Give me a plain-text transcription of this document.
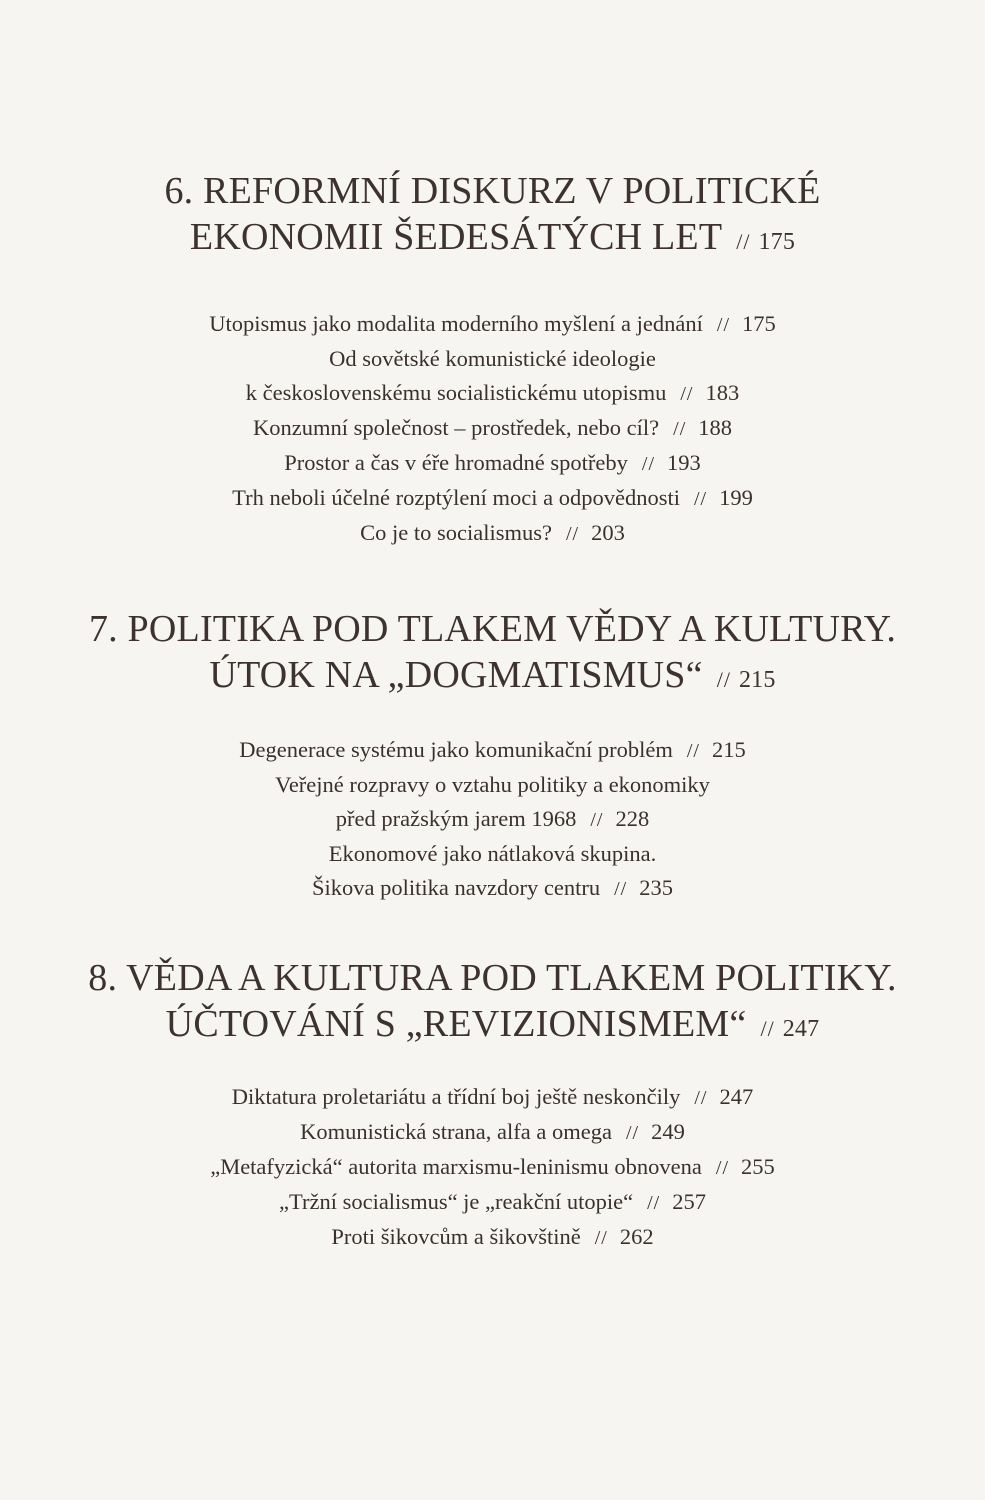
6. REFORMNÍ DISKURZ V POLITICKÉ
EKONOMII ŠEDESÁTÝCH LET // 175
Utopismus jako modalita moderního myšlení a jednání // 175
Od sovětské komunistické ideologie
k československému socialistickému utopismu // 183
Konzumní společnost – prostředek, nebo cíl? // 188
Prostor a čas v éře hromadné spotřeby // 193
Trh neboli účelné rozptýlení moci a odpovědnosti // 199
Co je to socialismus? // 203
7. POLITIKA POD TLAKEM VĚDY A KULTURY.
ÚTOK NA „DOGMATISMUS“ // 215
Degenerace systému jako komunikační problém // 215
Veřejné rozpravy o vztahu politiky a ekonomiky
před pražským jarem 1968 // 228
Ekonomové jako nátlaková skupina.
Šikova politika navzdory centru // 235
8. VĚDA A KULTURA POD TLAKEM POLITIKY.
ÚČTOVÁNÍ S „REVIZIONISMEM“ // 247
Diktatura proletariátu a třídní boj ještě neskončily // 247
Komunistická strana, alfa a omega // 249
„Metafyzická“ autorita marxismu-leninismu obnovena // 255
„Tržní socialismus“ je „reakční utopie“ // 257
Proti šikovcům a šikovštině // 262
